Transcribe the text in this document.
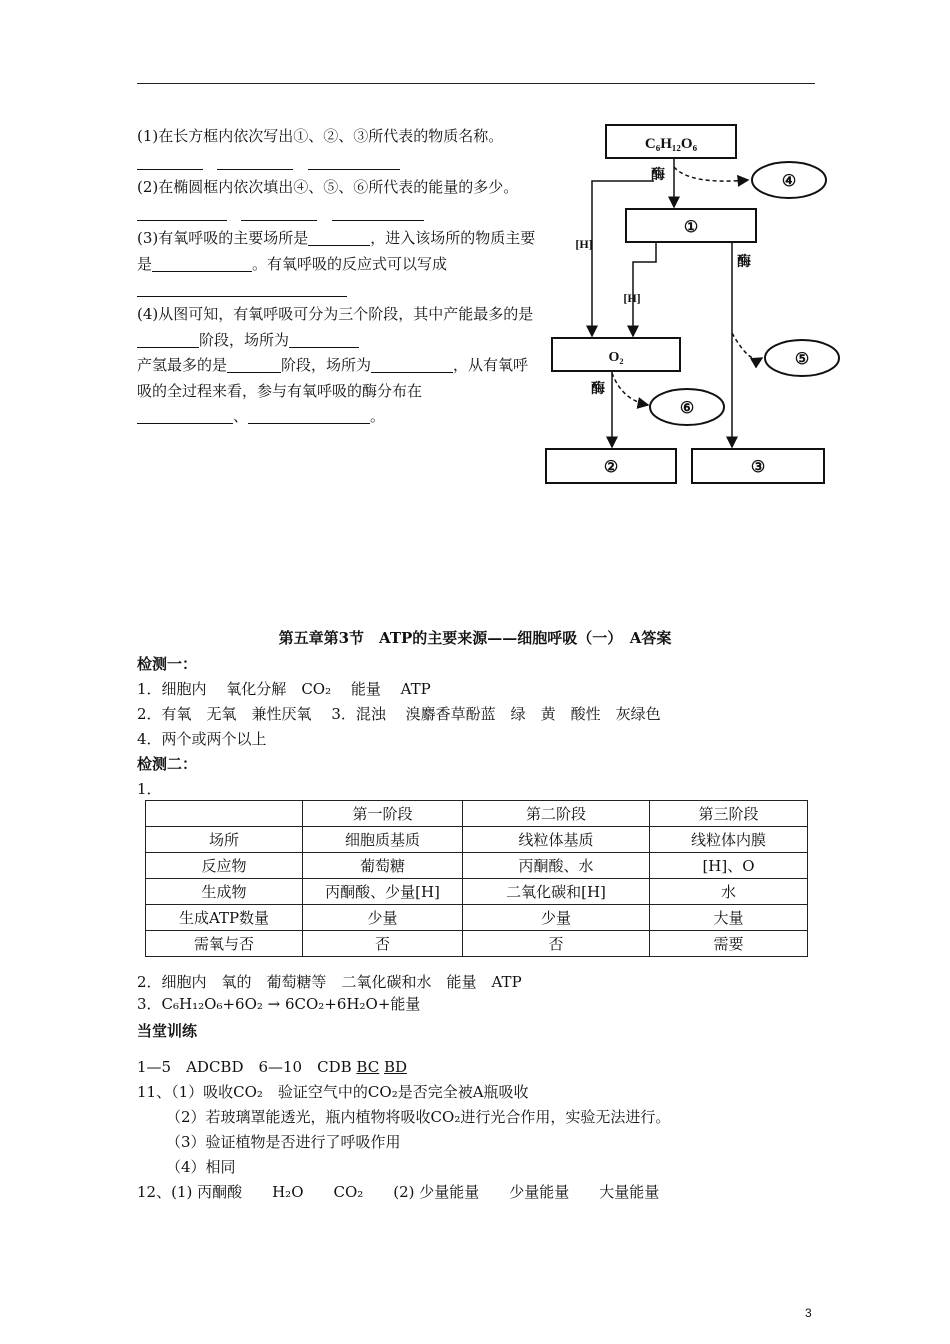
(1)在长方框内依次写出①、②、③所代表的物质名称。

(2)在椭圆框内依次填出④、⑤、⑥所代表的能量的多少。
(3)有氧呼吸的主要场所是	，进入该场所的物质主要是	。有氧呼吸的反应式可以写成
(4)从图可知，有氧呼吸可分为三个阶段，其中产能最多的是阶段，场所为
产氢最多的是	阶段，场所为	，从有氧呼吸的全过程来看，参与有氧呼吸的酶分布在
、	。
C₆H₁₂O₆
①
O₂
②	③
④
⑤
⑥
酶
酶
酶
[H]
[H]
第五章第3节　ATP的主要来源——细胞呼吸（一）　A答案
检测一：
1．细胞内　 氧化分解　CO₂　 能量　 ATP
2．有氧　无氧　兼性厌氧　 3．混浊　 溴麝香草酚蓝　绿　黄　酸性　灰绿色
4．两个或两个以上
检测二：
1．
	第一阶段	第二阶段	第三阶段
场所	细胞质基质	线粒体基质	线粒体内膜
反应物	葡萄糖	丙酮酸、水	[H]、O
生成物	丙酮酸、少量[H]	二氧化碳和[H]	水
生成ATP数量	少量	少量	大量
需氧与否	否	否	需要
2．细胞内　氧的　葡萄糖等　二氧化碳和水　能量　ATP
3．C₆H₁₂O₆+6O₂ → 6CO₂+6H₂O+能量
当堂训练
1—5　ADCBD　6—10　CDB BC BD
11、（1）吸收CO₂　验证空气中的CO₂是否完全被A瓶吸收
（2）若玻璃罩能透光，瓶内植物将吸收CO₂进行光合作用，实验无法进行。
（3）验证植物是否进行了呼吸作用
（4）相同
12、(1) 丙酮酸　　H₂O　　CO₂　　(2) 少量能量　　少量能量　　大量能量
3
